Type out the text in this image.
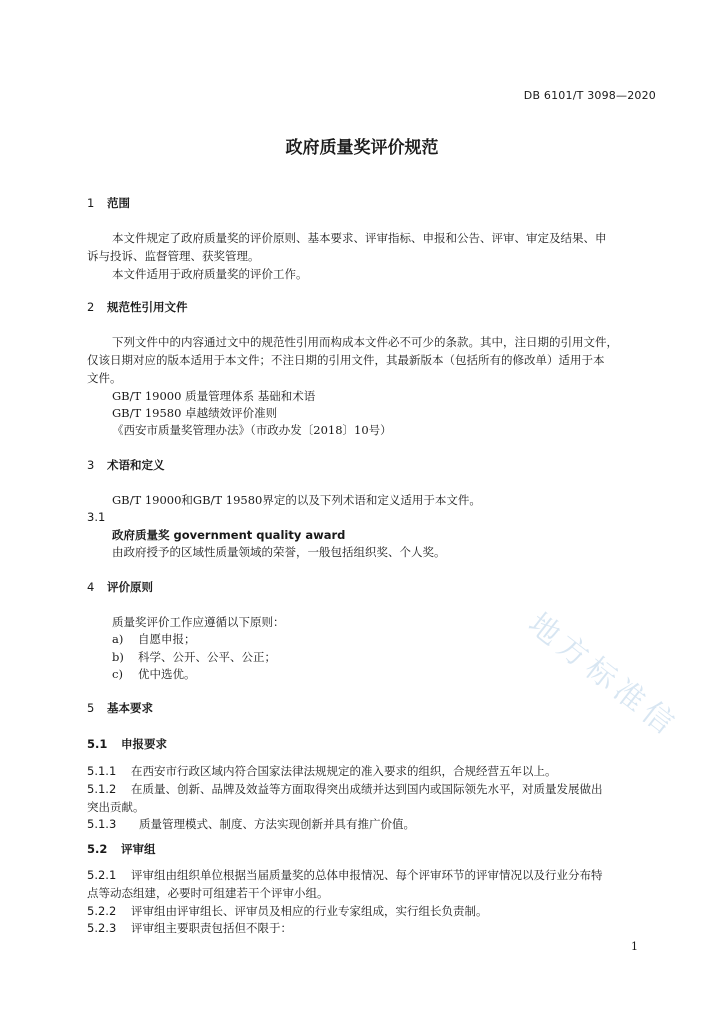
地方标准信
DB 6101/T 3098—2020
政府质量奖评价规范
1 范围
本文件规定了政府质量奖的评价原则、基本要求、评审指标、申报和公告、评审、审定及结果、申
诉与投诉、监督管理、获奖管理。
本文件适用于政府质量奖的评价工作。
2 规范性引用文件
下列文件中的内容通过文中的规范性引用而构成本文件必不可少的条款。其中，注日期的引用文件，
仅该日期对应的版本适用于本文件；不注日期的引用文件，其最新版本（包括所有的修改单）适用于本
文件。
GB/T 19000 质量管理体系 基础和术语
GB/T 19580 卓越绩效评价准则
《西安市质量奖管理办法》（市政办发〔2018〕10号）
3 术语和定义
GB/T 19000和GB/T 19580界定的以及下列术语和定义适用于本文件。
3.1
政府质量奖 government quality award
由政府授予的区域性质量领域的荣誉，一般包括组织奖、个人奖。
4 评价原则
质量奖评价工作应遵循以下原则：
a) 自愿申报；
b) 科学、公开、公平、公正；
c) 优中选优。
5 基本要求
5.1 申报要求
5.1.1 在西安市行政区域内符合国家法律法规规定的准入要求的组织，合规经营五年以上。
5.1.2 在质量、创新、品牌及效益等方面取得突出成绩并达到国内或国际领先水平，对质量发展做出
突出贡献。
5.1.3 质量管理模式、制度、方法实现创新并具有推广价值。
5.2 评审组
5.2.1 评审组由组织单位根据当届质量奖的总体申报情况、每个评审环节的评审情况以及行业分布特
点等动态组建，必要时可组建若干个评审小组。
5.2.2 评审组由评审组长、评审员及相应的行业专家组成，实行组长负责制。
5.2.3 评审组主要职责包括但不限于：
1
